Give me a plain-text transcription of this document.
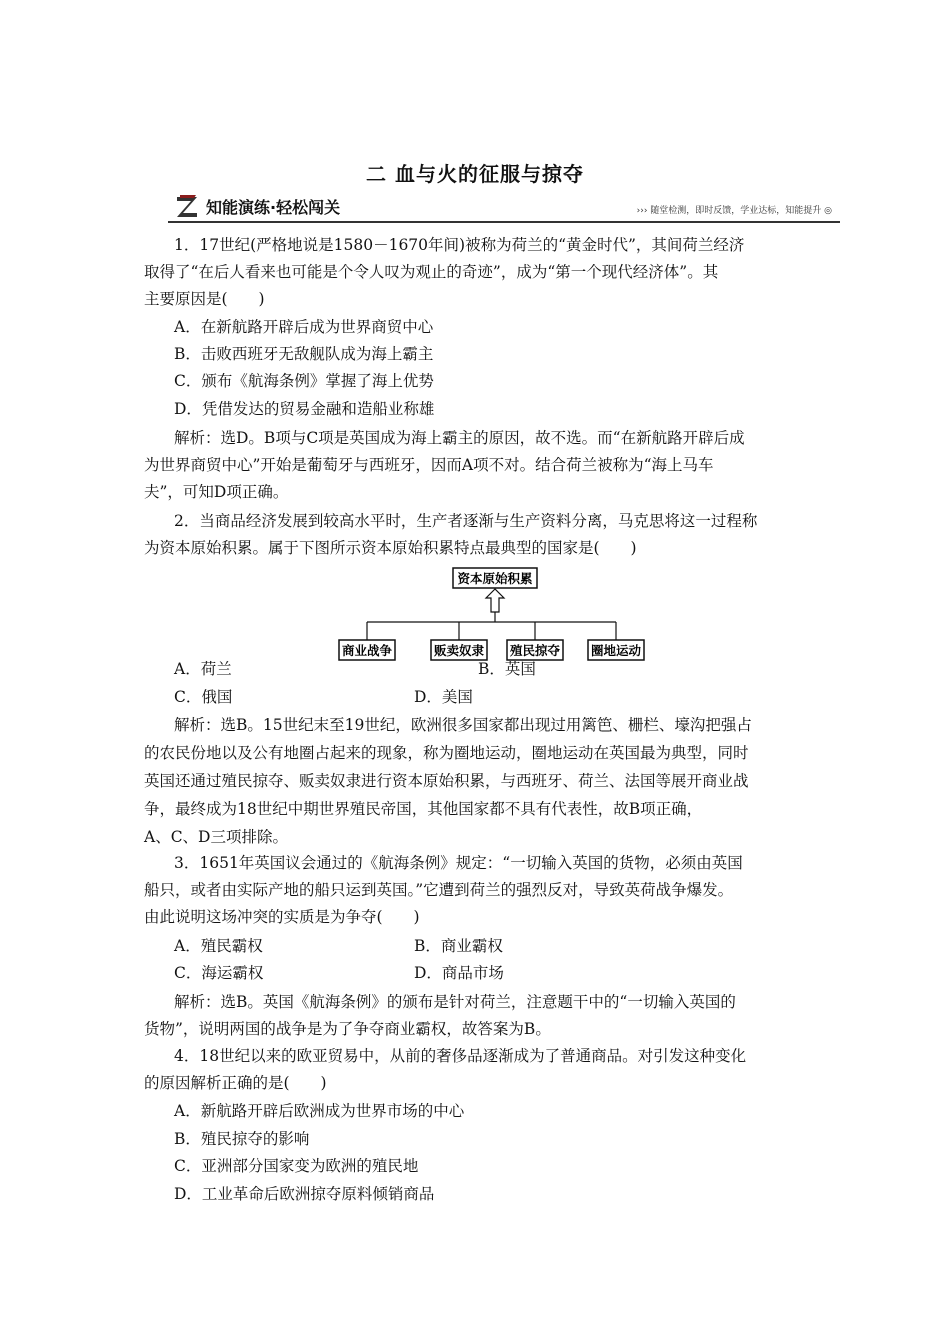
二 血与火的征服与掠夺
知能演练·轻松闯关	››› 随堂检测，即时反馈，学业达标，知能提升 ◎
1．17世纪(严格地说是1580－1670年间)被称为荷兰的“黄金时代”，其间荷兰经济
取得了“在后人看来也可能是个令人叹为观止的奇迹”，成为“第一个现代经济体”。其
主要原因是(　　)
A．在新航路开辟后成为世界商贸中心
B．击败西班牙无敌舰队成为海上霸主
C．颁布《航海条例》掌握了海上优势
D．凭借发达的贸易金融和造船业称雄
解析：选D。B项与C项是英国成为海上霸主的原因，故不选。而“在新航路开辟后成
为世界商贸中心”开始是葡萄牙与西班牙，因而A项不对。结合荷兰被称为“海上马车
夫”，可知D项正确。
2．当商品经济发展到较高水平时，生产者逐渐与生产资料分离，马克思将这一过程称
为资本原始积累。属于下图所示资本原始积累特点最典型的国家是(　　)
资本原始积累
商业战争	贩卖奴隶 殖民掠夺 圈地运动
A．荷兰	B．英国
C．俄国	D．美国
解析：选B。15世纪末至19世纪，欧洲很多国家都出现过用篱笆、栅栏、壕沟把强占
的农民份地以及公有地圈占起来的现象，称为圈地运动，圈地运动在英国最为典型，同时
英国还通过殖民掠夺、贩卖奴隶进行资本原始积累，与西班牙、荷兰、法国等展开商业战
争，最终成为18世纪中期世界殖民帝国，其他国家都不具有代表性，故B项正确，
A、C、D三项排除。
3．1651年英国议会通过的《航海条例》规定：“一切输入英国的货物，必须由英国
船只，或者由实际产地的船只运到英国。”它遭到荷兰的强烈反对，导致英荷战争爆发。
由此说明这场冲突的实质是为争夺(　　)
A．殖民霸权	B．商业霸权
C．海运霸权	D．商品市场
解析：选B。英国《航海条例》的颁布是针对荷兰，注意题干中的“一切输入英国的
货物”，说明两国的战争是为了争夺商业霸权，故答案为B。
4．18世纪以来的欧亚贸易中，从前的奢侈品逐渐成为了普通商品。对引发这种变化
的原因解析正确的是(　　)
A．新航路开辟后欧洲成为世界市场的中心
B．殖民掠夺的影响
C．亚洲部分国家变为欧洲的殖民地
D．工业革命后欧洲掠夺原料倾销商品
